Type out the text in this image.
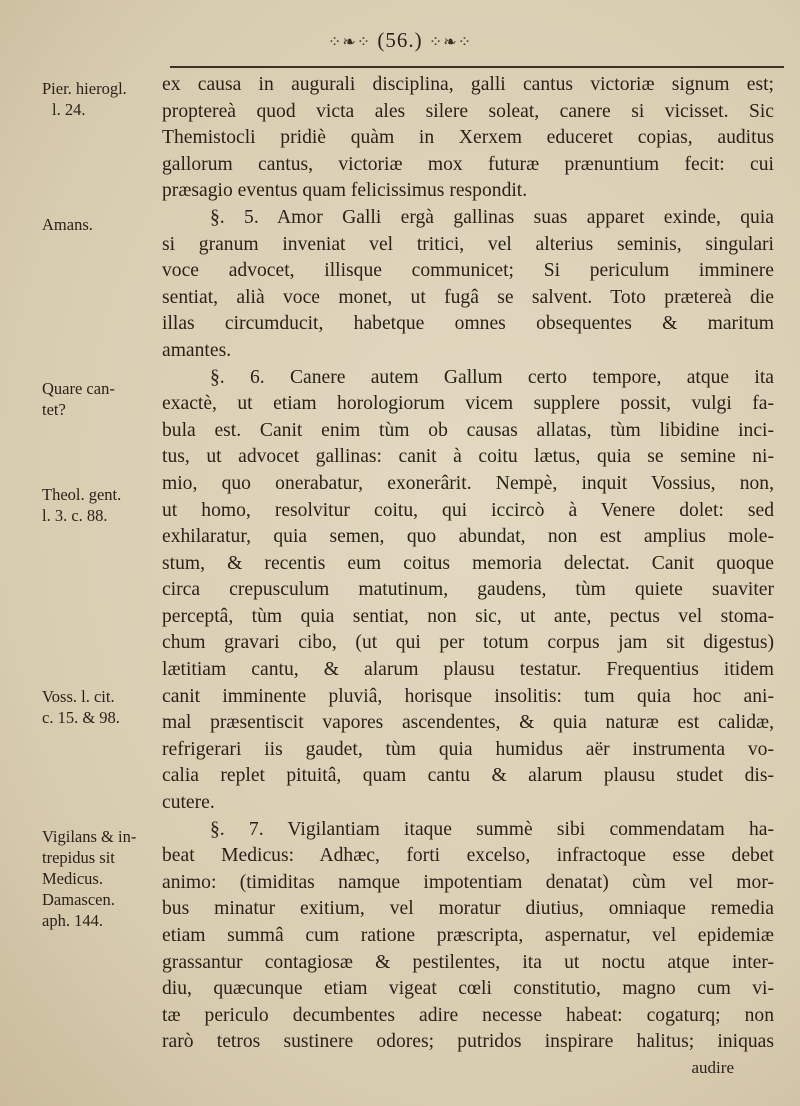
⁘❧⁘ (56.) ⁘❧⁘
Pier. hierogl.
l. 24.
Amans.
Quare can-
tet?
Theol. gent.
l. 3. c. 88.
Voss. l. cit.
c. 15. & 98.
Vigilans & in-
trepidus sit
Medicus.
Damascen.
aph. 144.
ex causa in augurali disciplina, galli cantus victoriæ signum est;
proptereà quod victa ales silere soleat, canere si vicisset. Sic
Themistocli pridiè quàm in Xerxem educeret copias, auditus
gallorum cantus, victoriæ mox futuræ prænuntium fecit: cui
præsagio eventus quam felicissimus respondit.
§. 5. Amor Galli ergà gallinas suas apparet exinde, quia
si granum inveniat vel tritici, vel alterius seminis, singulari
voce advocet, illisque communicet; Si periculum imminere
sentiat, alià voce monet, ut fugâ se salvent. Toto prætereà die
illas circumducit, habetque omnes obsequentes & maritum
amantes.
§. 6. Canere autem Gallum certo tempore, atque ita
exactè, ut etiam horologiorum vicem supplere possit, vulgi fa-
bula est. Canit enim tùm ob causas allatas, tùm libidine inci-
tus, ut advocet gallinas: canit à coitu lætus, quia se semine ni-
mio, quo onerabatur, exonerârit. Nempè, inquit Vossius, non,
ut homo, resolvitur coitu, qui iccircò à Venere dolet: sed
exhilaratur, quia semen, quo abundat, non est amplius mole-
stum, & recentis eum coitus memoria delectat. Canit quoque
circa crepusculum matutinum, gaudens, tùm quiete suaviter
perceptâ, tùm quia sentiat, non sic, ut ante, pectus vel stoma-
chum gravari cibo, (ut qui per totum corpus jam sit digestus)
lætitiam cantu, & alarum plausu testatur. Frequentius itidem
canit imminente pluviâ, horisque insolitis: tum quia hoc ani-
mal præsentiscit vapores ascendentes, & quia naturæ est calidæ,
refrigerari iis gaudet, tùm quia humidus aër instrumenta vo-
calia replet pituitâ, quam cantu & alarum plausu studet dis-
cutere.
§. 7. Vigilantiam itaque summè sibi commendatam ha-
beat Medicus: Adhæc, forti excelso, infractoque esse debet
animo: (timiditas namque impotentiam denatat) cùm vel mor-
bus minatur exitium, vel moratur diutius, omniaque remedia
etiam summâ cum ratione præscripta, aspernatur, vel epidemiæ
grassantur contagiosæ & pestilentes, ita ut noctu atque inter-
diu, quæcunque etiam vigeat cœli constitutio, magno cum vi-
tæ periculo decumbentes adire necesse habeat: cogaturq; non
rarò tetros sustinere odores; putridos inspirare halitus; iniquas
audire
